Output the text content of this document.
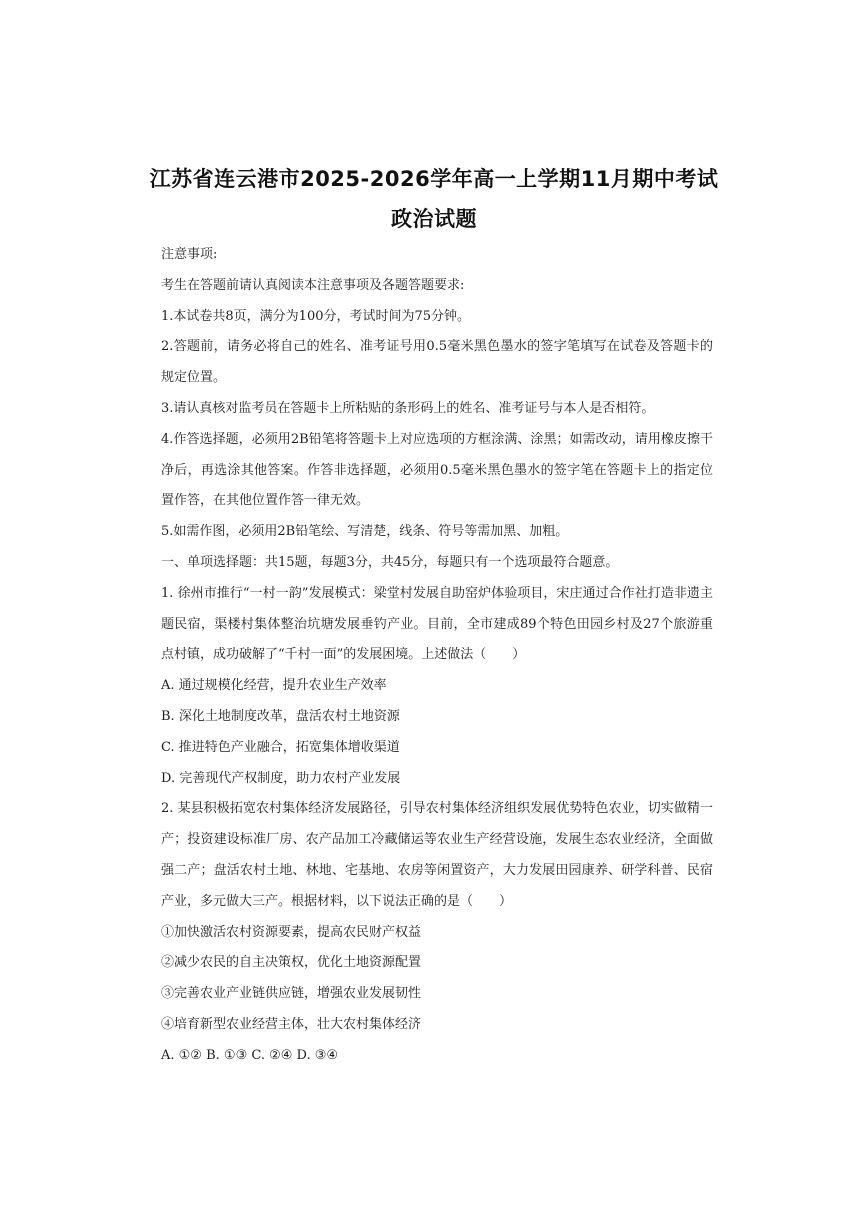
江苏省连云港市2025-2026学年高一上学期11月期中考试
政治试题
注意事项:
考生在答题前请认真阅读本注意事项及各题答题要求:
1.本试卷共8页，满分为100分，考试时间为75分钟。
2.答题前，请务必将自己的姓名、准考证号用0.5毫米黑色墨水的签字笔填写在试卷及答题卡的规定位置。
3.请认真核对监考员在答题卡上所粘贴的条形码上的姓名、准考证号与本人是否相符。
4.作答选择题，必须用2B铅笔将答题卡上对应选项的方框涂满、涂黑；如需改动，请用橡皮擦干净后，再选涂其他答案。作答非选择题，必须用0.5毫米黑色墨水的签字笔在答题卡上的指定位置作答，在其他位置作答一律无效。
5.如需作图，必须用2B铅笔绘、写清楚，线条、符号等需加黑、加粗。
一、单项选择题：共15题，每题3分，共45分，每题只有一个选项最符合题意。
1. 徐州市推行“一村一韵”发展模式：梁堂村发展自助窑炉体验项目，宋庄通过合作社打造非遗主题民宿，渠楼村集体整治坑塘发展垂钓产业。目前，全市建成89个特色田园乡村及27个旅游重点村镇，成功破解了“千村一面”的发展困境。上述做法（　　）
A. 通过规模化经营，提升农业生产效率
B. 深化土地制度改革，盘活农村土地资源
C. 推进特色产业融合，拓宽集体增收渠道
D. 完善现代产权制度，助力农村产业发展
2. 某县积极拓宽农村集体经济发展路径，引导农村集体经济组织发展优势特色农业，切实做精一产；投资建设标准厂房、农产品加工冷藏储运等农业生产经营设施，发展生态农业经济，全面做强二产；盘活农村土地、林地、宅基地、农房等闲置资产，大力发展田园康养、研学科普、民宿产业，多元做大三产。根据材料，以下说法正确的是（　　）
①加快激活农村资源要素，提高农民财产权益
②减少农民的自主决策权，优化土地资源配置
③完善农业产业链供应链，增强农业发展韧性
④培育新型农业经营主体，壮大农村集体经济
A. ①② B. ①③ C. ②④ D. ③④
